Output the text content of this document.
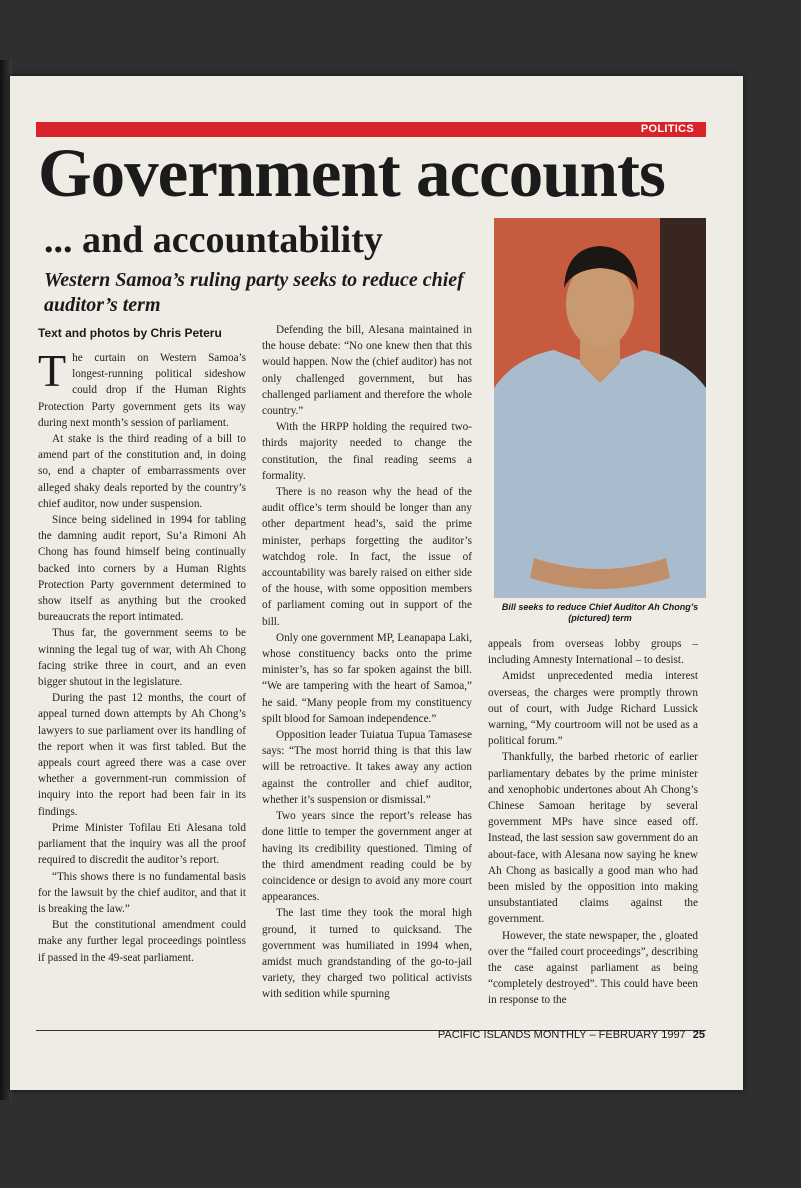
POLITICS
Government accounts
... and accountability

Western Samoa’s ruling party seeks to reduce chief auditor’s term

Text and photos by Chris Peteru

The curtain on Western Samoa’s longest-running political sideshow could drop if the Human Rights Protection Party government gets its way during next month’s session of parliament.

At stake is the third reading of a bill to amend part of the constitution and, in doing so, end a chapter of embarrassments over alleged shaky deals reported by the country’s chief auditor, now under suspension.

Since being sidelined in 1994 for tabling the damning audit report, Su’a Rimoni Ah Chong has found himself being continually backed into corners by a Human Rights Protection Party government determined to show itself as anything but the crooked bureaucrats the report intimated.

Thus far, the government seems to be winning the legal tug of war, with Ah Chong facing strike three in court, and an even bigger shutout in the legislature.

During the past 12 months, the court of appeal turned down attempts by Ah Chong’s lawyers to sue parliament over its handling of the report when it was first tabled. But the appeals court agreed there was a case over whether a government-run commission of inquiry into the report had been fair in its findings.

Prime Minister Tofilau Eti Alesana told parliament that the inquiry was all the proof required to discredit the auditor’s report.

“This shows there is no fundamental basis for the lawsuit by the chief auditor, and that it is breaking the law.”

But the constitutional amendment could make any further legal proceedings pointless if passed in the 49-seat parliament.

Defending the bill, Alesana maintained in the house debate: “No one knew then that this would happen. Now the (chief auditor) has not only challenged government, but has challenged parliament and therefore the whole country.”

With the HRPP holding the required two-thirds majority needed to change the constitution, the final reading seems a formality.

There is no reason why the head of the audit office’s term should be longer than any other department head’s, said the prime minister, perhaps forgetting the auditor’s watchdog role. In fact, the issue of accountability was barely raised on either side of the house, with some opposition members of parliament coming out in support of the bill.

Only one government MP, Leanapapa Laki, whose constituency backs onto the prime minister’s, has so far spoken against the bill. “We are tampering with the heart of Samoa,” he said. “Many people from my constituency spilt blood for Samoan independence.”

Opposition leader Tuiatua Tupua Tamasese says: “The most horrid thing is that this law will be retroactive. It takes away any action against the controller and chief auditor, whether it’s suspension or dismissal.”

Two years since the report’s release has done little to temper the government anger at having its credibility questioned. Timing of the third amendment reading could be by coincidence or design to avoid any more court appearances.

The last time they took the moral high ground, it turned to quicksand. The government was humiliated in 1994 when, amidst much grandstanding of the go-to-jail variety, they charged two political activists with sedition while spurning

Bill seeks to reduce Chief Auditor Ah Chong’s (pictured) term

appeals from overseas lobby groups – including Amnesty International – to desist.

Amidst unprecedented media interest overseas, the charges were promptly thrown out of court, with Judge Richard Lussick warning, “My courtroom will not be used as a political forum.”

Thankfully, the barbed rhetoric of earlier parliamentary debates by the prime minister and xenophobic undertones about Ah Chong’s Chinese Samoan heritage by several government MPs have since eased off. Instead, the last session saw government do an about-face, with Alesana now saying he knew Ah Chong as basically a good man who had been misled by the opposition into making unsubstantiated claims against the government.

However, the state newspaper, the , gloated over the “failed court proceedings”, describing the case against parliament as being “completely destroyed”. This could have been in response to the

PACIFIC ISLANDS MONTHLY – FEBRUARY 1997 25
